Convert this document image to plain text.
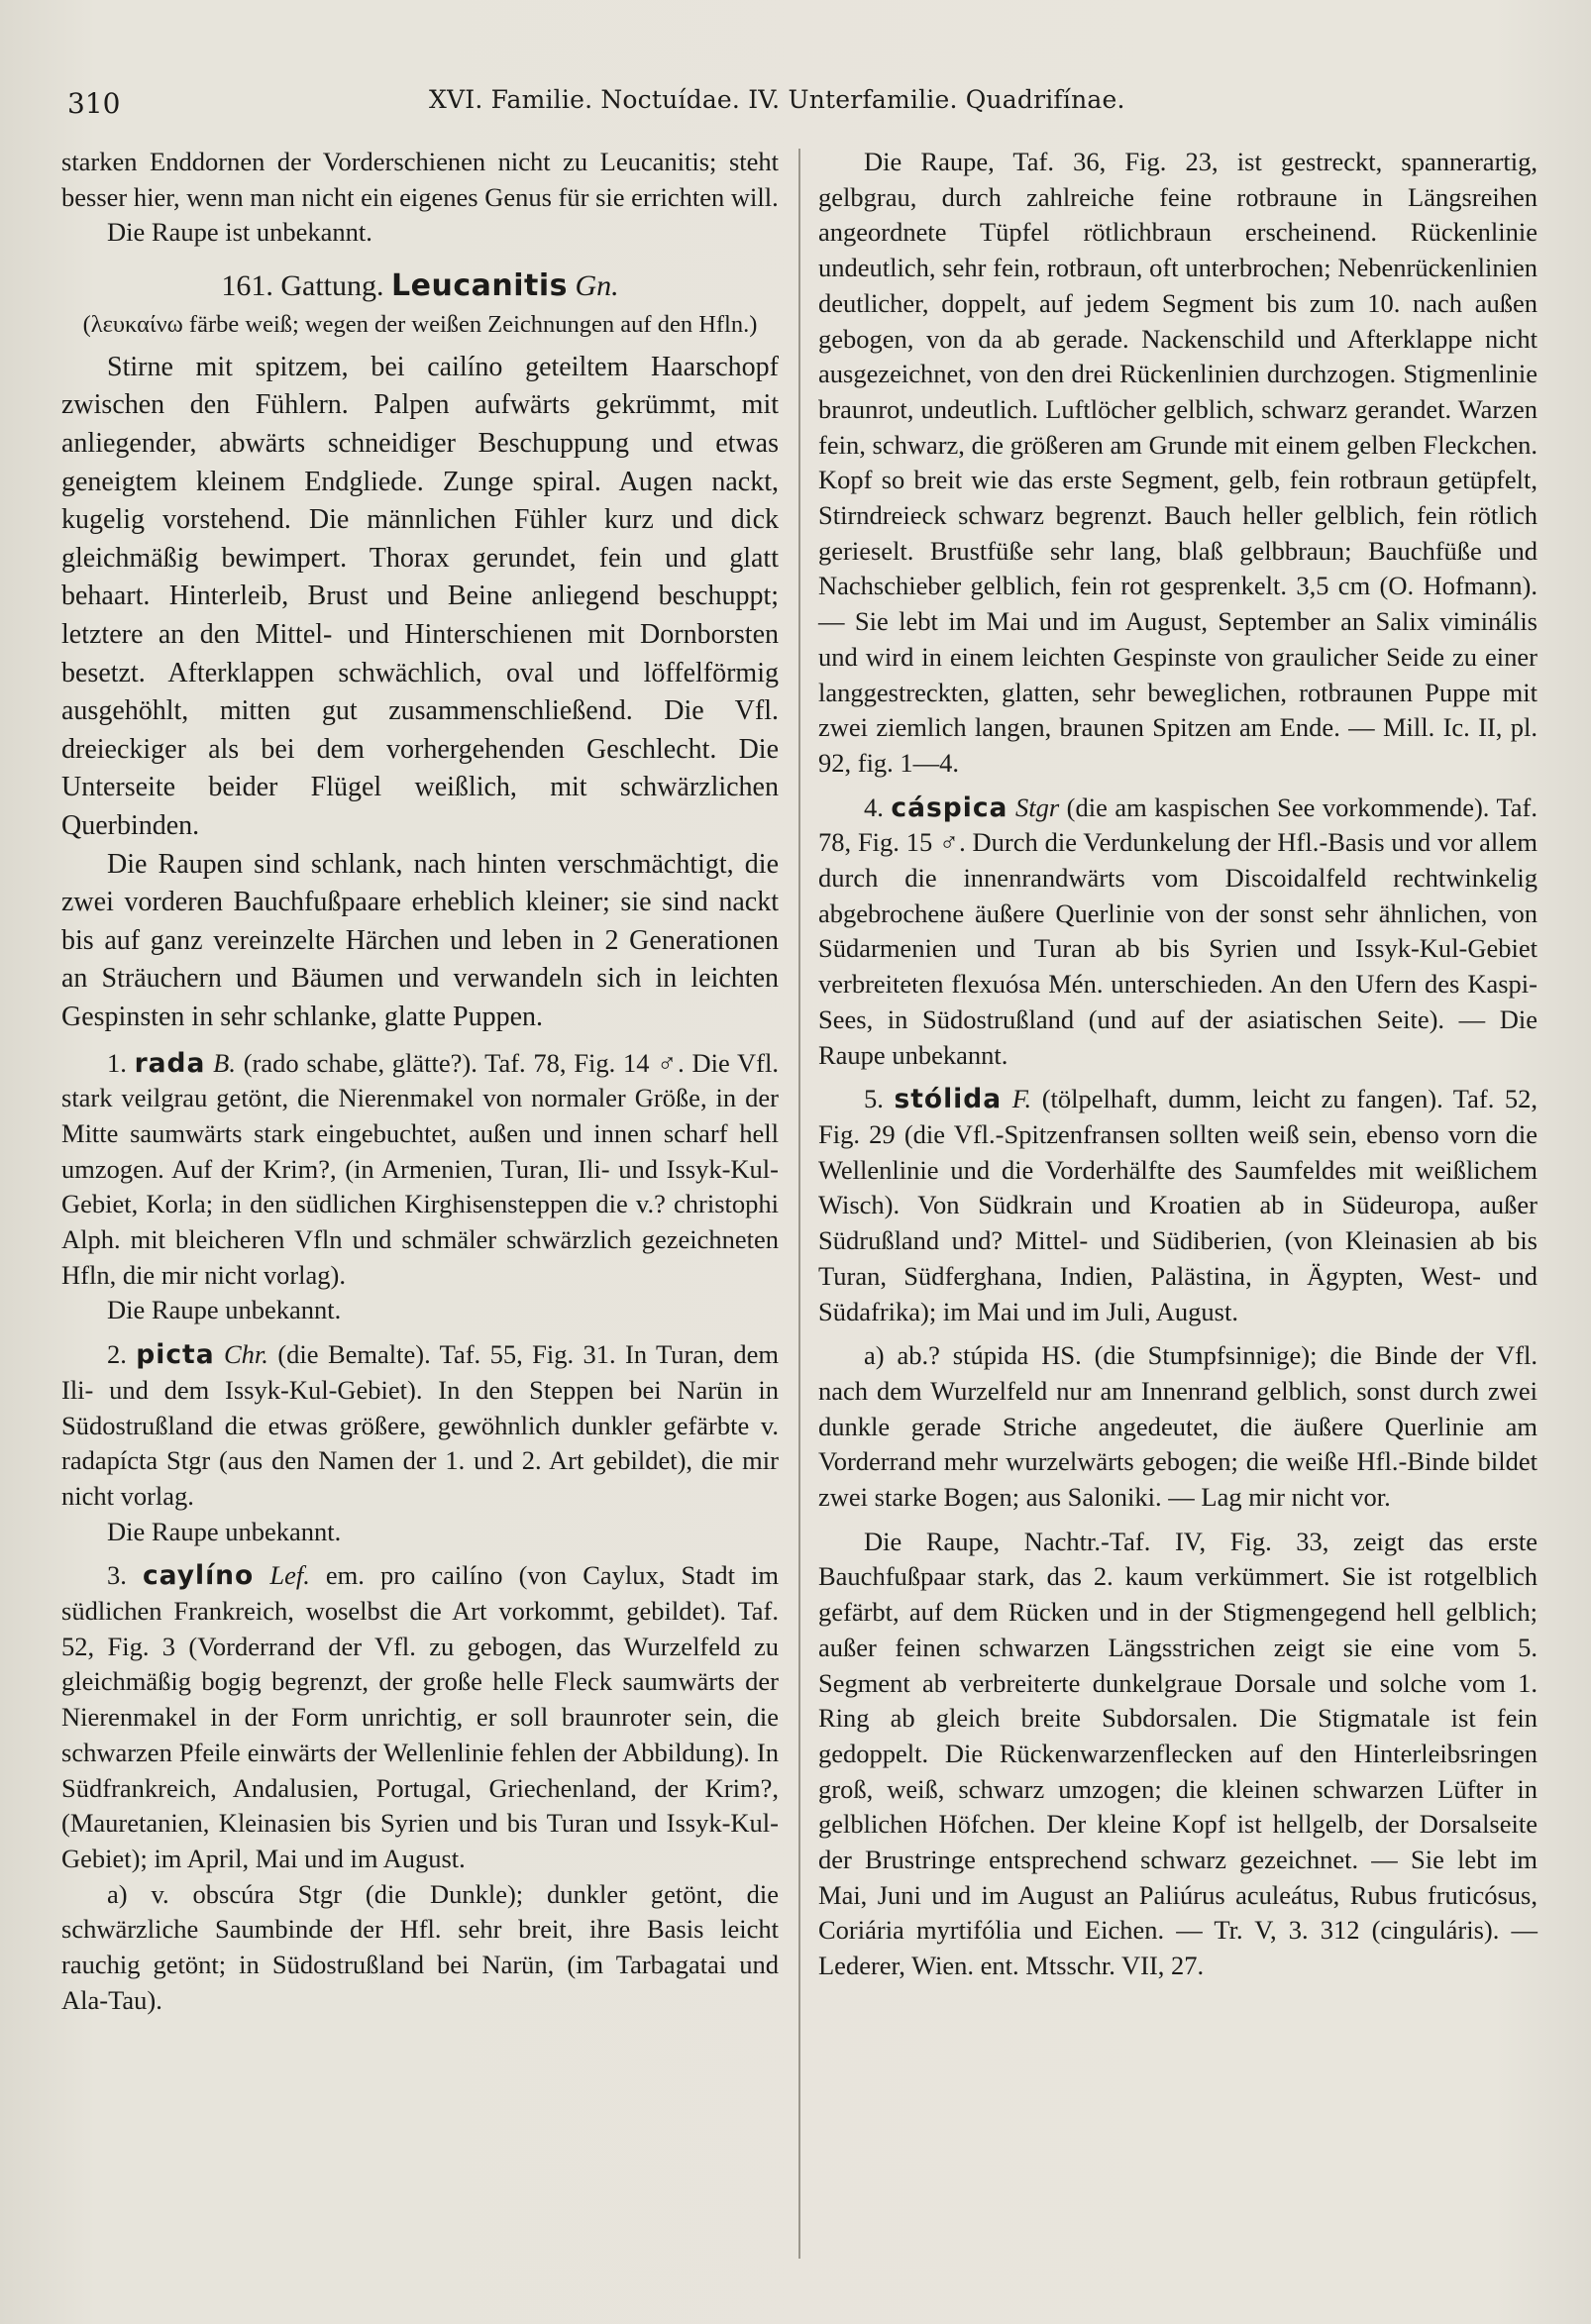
310	XVI. Familie. Noctuídae. IV. Unterfamilie. Quadrifínae.

starken Enddornen der Vorderschienen nicht zu Leucanitis; steht besser hier, wenn man nicht ein eigenes Genus für sie errichten will.

Die Raupe ist unbekannt.

161. Gattung. Leucanitis Gn.

(λευκαίνω färbe weiß; wegen der weißen Zeichnungen auf den Hfln.)

Stirne mit spitzem, bei cailíno geteiltem Haarschopf zwischen den Fühlern. Palpen aufwärts gekrümmt, mit anliegender, abwärts schneidiger Beschuppung und etwas geneigtem kleinem Endgliede. Zunge spiral. Augen nackt, kugelig vorstehend. Die männlichen Fühler kurz und dick gleichmäßig bewimpert. Thorax gerundet, fein und glatt behaart. Hinterleib, Brust und Beine anliegend beschuppt; letztere an den Mittel- und Hinterschienen mit Dornborsten besetzt. Afterklappen schwächlich, oval und löffelförmig ausgehöhlt, mitten gut zusammenschließend. Die Vfl. dreieckiger als bei dem vorhergehenden Geschlecht. Die Unterseite beider Flügel weißlich, mit schwärzlichen Querbinden.

Die Raupen sind schlank, nach hinten verschmächtigt, die zwei vorderen Bauchfußpaare erheblich kleiner; sie sind nackt bis auf ganz vereinzelte Härchen und leben in 2 Generationen an Sträuchern und Bäumen und verwandeln sich in leichten Gespinsten in sehr schlanke, glatte Puppen.

1. rada B. (rado schabe, glätte?). Taf. 78, Fig. 14 ♂. Die Vfl. stark veilgrau getönt, die Nierenmakel von normaler Größe, in der Mitte saumwärts stark eingebuchtet, außen und innen scharf hell umzogen. Auf der Krim?, (in Armenien, Turan, Ili- und Issyk-Kul-Gebiet, Korla; in den südlichen Kirghisensteppen die v.? christophi Alph. mit bleicheren Vfln und schmäler schwärzlich gezeichneten Hfln, die mir nicht vorlag).

Die Raupe unbekannt.

2. picta Chr. (die Bemalte). Taf. 55, Fig. 31. In Turan, dem Ili- und dem Issyk-Kul-Gebiet). In den Steppen bei Narün in Südostrußland die etwas größere, gewöhnlich dunkler gefärbte v. radapícta Stgr (aus den Namen der 1. und 2. Art gebildet), die mir nicht vorlag.

Die Raupe unbekannt.

3. caylíno Lef. em. pro cailíno (von Caylux, Stadt im südlichen Frankreich, woselbst die Art vorkommt, gebildet). Taf. 52, Fig. 3 (Vorderrand der Vfl. zu gebogen, das Wurzelfeld zu gleichmäßig bogig begrenzt, der große helle Fleck saumwärts der Nierenmakel in der Form unrichtig, er soll braunroter sein, die schwarzen Pfeile einwärts der Wellenlinie fehlen der Abbildung). In Südfrankreich, Andalusien, Portugal, Griechenland, der Krim?, (Mauretanien, Kleinasien bis Syrien und bis Turan und Issyk-Kul-Gebiet); im April, Mai und im August.

a) v. obscúra Stgr (die Dunkle); dunkler getönt, die schwärzliche Saumbinde der Hfl. sehr breit, ihre Basis leicht rauchig getönt; in Südostrußland bei Narün, (im Tarbagatai und Ala-Tau).

Die Raupe, Taf. 36, Fig. 23, ist gestreckt, spannerartig, gelbgrau, durch zahlreiche feine rotbraune in Längsreihen angeordnete Tüpfel rötlichbraun erscheinend. Rückenlinie undeutlich, sehr fein, rotbraun, oft unterbrochen; Nebenrückenlinien deutlicher, doppelt, auf jedem Segment bis zum 10. nach außen gebogen, von da ab gerade. Nackenschild und Afterklappe nicht ausgezeichnet, von den drei Rückenlinien durchzogen. Stigmenlinie braunrot, undeutlich. Luftlöcher gelblich, schwarz gerandet. Warzen fein, schwarz, die größeren am Grunde mit einem gelben Fleckchen. Kopf so breit wie das erste Segment, gelb, fein rotbraun getüpfelt, Stirndreieck schwarz begrenzt. Bauch heller gelblich, fein rötlich gerieselt. Brustfüße sehr lang, blaß gelbbraun; Bauchfüße und Nachschieber gelblich, fein rot gesprenkelt. 3,5 cm (O. Hofmann). — Sie lebt im Mai und im August, September an Salix viminális und wird in einem leichten Gespinste von graulicher Seide zu einer langgestreckten, glatten, sehr beweglichen, rotbraunen Puppe mit zwei ziemlich langen, braunen Spitzen am Ende. — Mill. Ic. II, pl. 92, fig. 1—4.

4. cáspica Stgr (die am kaspischen See vorkommende). Taf. 78, Fig. 15 ♂. Durch die Verdunkelung der Hfl.-Basis und vor allem durch die innenrandwärts vom Discoidalfeld rechtwinkelig abgebrochene äußere Querlinie von der sonst sehr ähnlichen, von Südarmenien und Turan ab bis Syrien und Issyk-Kul-Gebiet verbreiteten flexuósa Mén. unterschieden. An den Ufern des Kaspi-Sees, in Südostrußland (und auf der asiatischen Seite). — Die Raupe unbekannt.

5. stólida F. (tölpelhaft, dumm, leicht zu fangen). Taf. 52, Fig. 29 (die Vfl.-Spitzenfransen sollten weiß sein, ebenso vorn die Wellenlinie und die Vorderhälfte des Saumfeldes mit weißlichem Wisch). Von Südkrain und Kroatien ab in Südeuropa, außer Südrußland und? Mittel- und Südiberien, (von Kleinasien ab bis Turan, Südferghana, Indien, Palästina, in Ägypten, West- und Südafrika); im Mai und im Juli, August.

a) ab.? stúpida HS. (die Stumpfsinnige); die Binde der Vfl. nach dem Wurzelfeld nur am Innenrand gelblich, sonst durch zwei dunkle gerade Striche angedeutet, die äußere Querlinie am Vorderrand mehr wurzelwärts gebogen; die weiße Hfl.-Binde bildet zwei starke Bogen; aus Saloniki. — Lag mir nicht vor.

Die Raupe, Nachtr.-Taf. IV, Fig. 33, zeigt das erste Bauchfußpaar stark, das 2. kaum verkümmert. Sie ist rotgelblich gefärbt, auf dem Rücken und in der Stigmengegend hell gelblich; außer feinen schwarzen Längsstrichen zeigt sie eine vom 5. Segment ab verbreiterte dunkelgraue Dorsale und solche vom 1. Ring ab gleich breite Subdorsalen. Die Stigmatale ist fein gedoppelt. Die Rückenwarzenflecken auf den Hinterleibsringen groß, weiß, schwarz umzogen; die kleinen schwarzen Lüfter in gelblichen Höfchen. Der kleine Kopf ist hellgelb, der Dorsalseite der Brustringe entsprechend schwarz gezeichnet. — Sie lebt im Mai, Juni und im August an Paliúrus aculeátus, Rubus fruticósus, Coriária myrtifólia und Eichen. — Tr. V, 3. 312 (cinguláris). — Lederer, Wien. ent. Mtsschr. VII, 27.
